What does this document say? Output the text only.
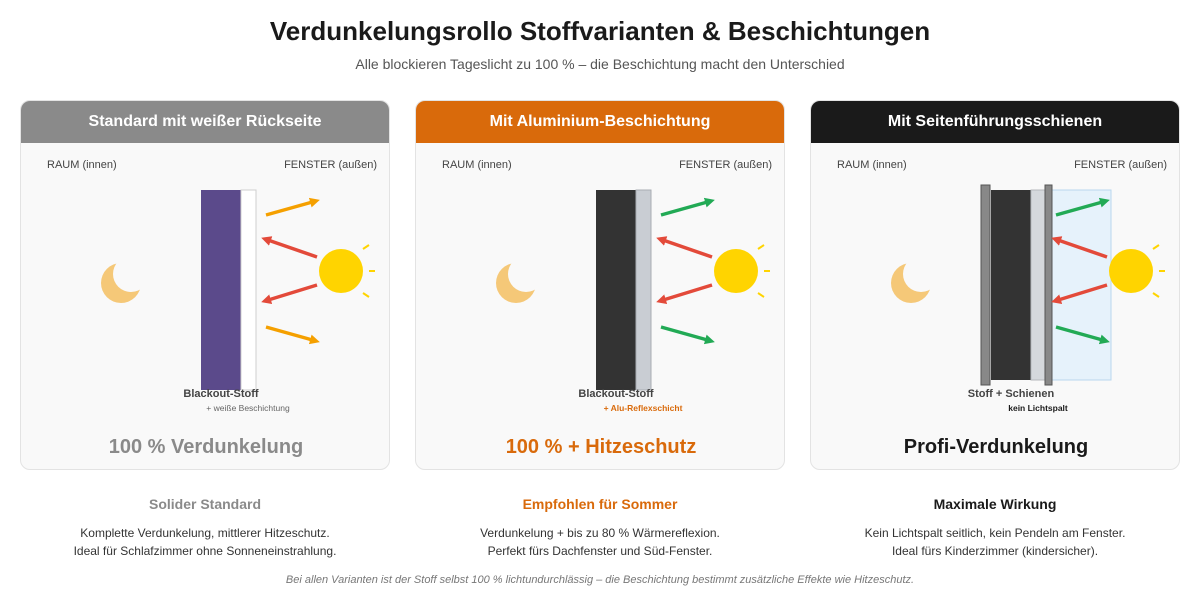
Verdunkelungsrollo Stoffvarianten & Beschichtungen
Alle blockieren Tageslicht zu 100 % – die Beschichtung macht den Unterschied
Standard mit weißer Rückseite
RAUM (innen)	FENSTER (außen)
Blackout-Stoff
+ weiße Beschichtung
100 % Verdunkelung
Mit Aluminium-Beschichtung
RAUM (innen)	FENSTER (außen)
Blackout-Stoff
+ Alu-Reflexschicht
100 % + Hitzeschutz
Mit Seitenführungsschienen
RAUM (innen)	FENSTER (außen)
Stoff + Schienen
kein Lichtspalt
Profi-Verdunkelung
Solider Standard
Komplette Verdunkelung, mittlerer Hitzeschutz.
Ideal für Schlafzimmer ohne Sonneneinstrahlung.
Empfohlen für Sommer
Verdunkelung + bis zu 80 % Wärmereflexion.
Perfekt fürs Dachfenster und Süd-Fenster.
Maximale Wirkung
Kein Lichtspalt seitlich, kein Pendeln am Fenster.
Ideal fürs Kinderzimmer (kindersicher).
Bei allen Varianten ist der Stoff selbst 100 % lichtundurchlässig – die Beschichtung bestimmt zusätzliche Effekte wie Hitzeschutz.
